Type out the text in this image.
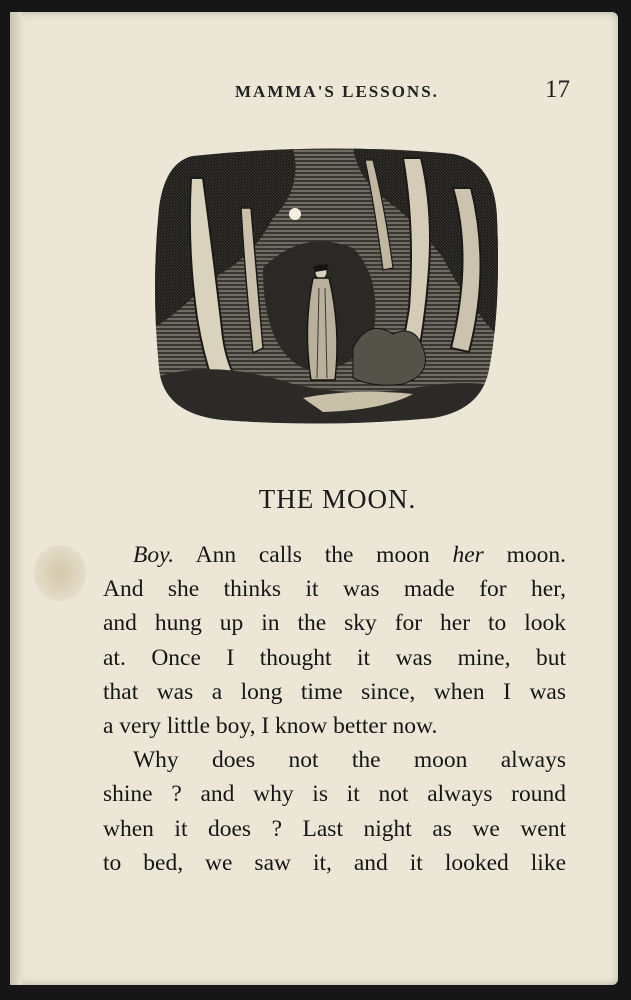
MAMMA'S LESSONS.	17
THE MOON.
Boy. Ann calls the moon her moon.
And she thinks it was made for her,
and hung up in the sky for her to look
at. Once I thought it was mine, but
that was a long time since, when I was
a very little boy, I know better now.
Why does not the moon always
shine ? and why is it not always round
when it does ? Last night as we went
to bed, we saw it, and it looked like
